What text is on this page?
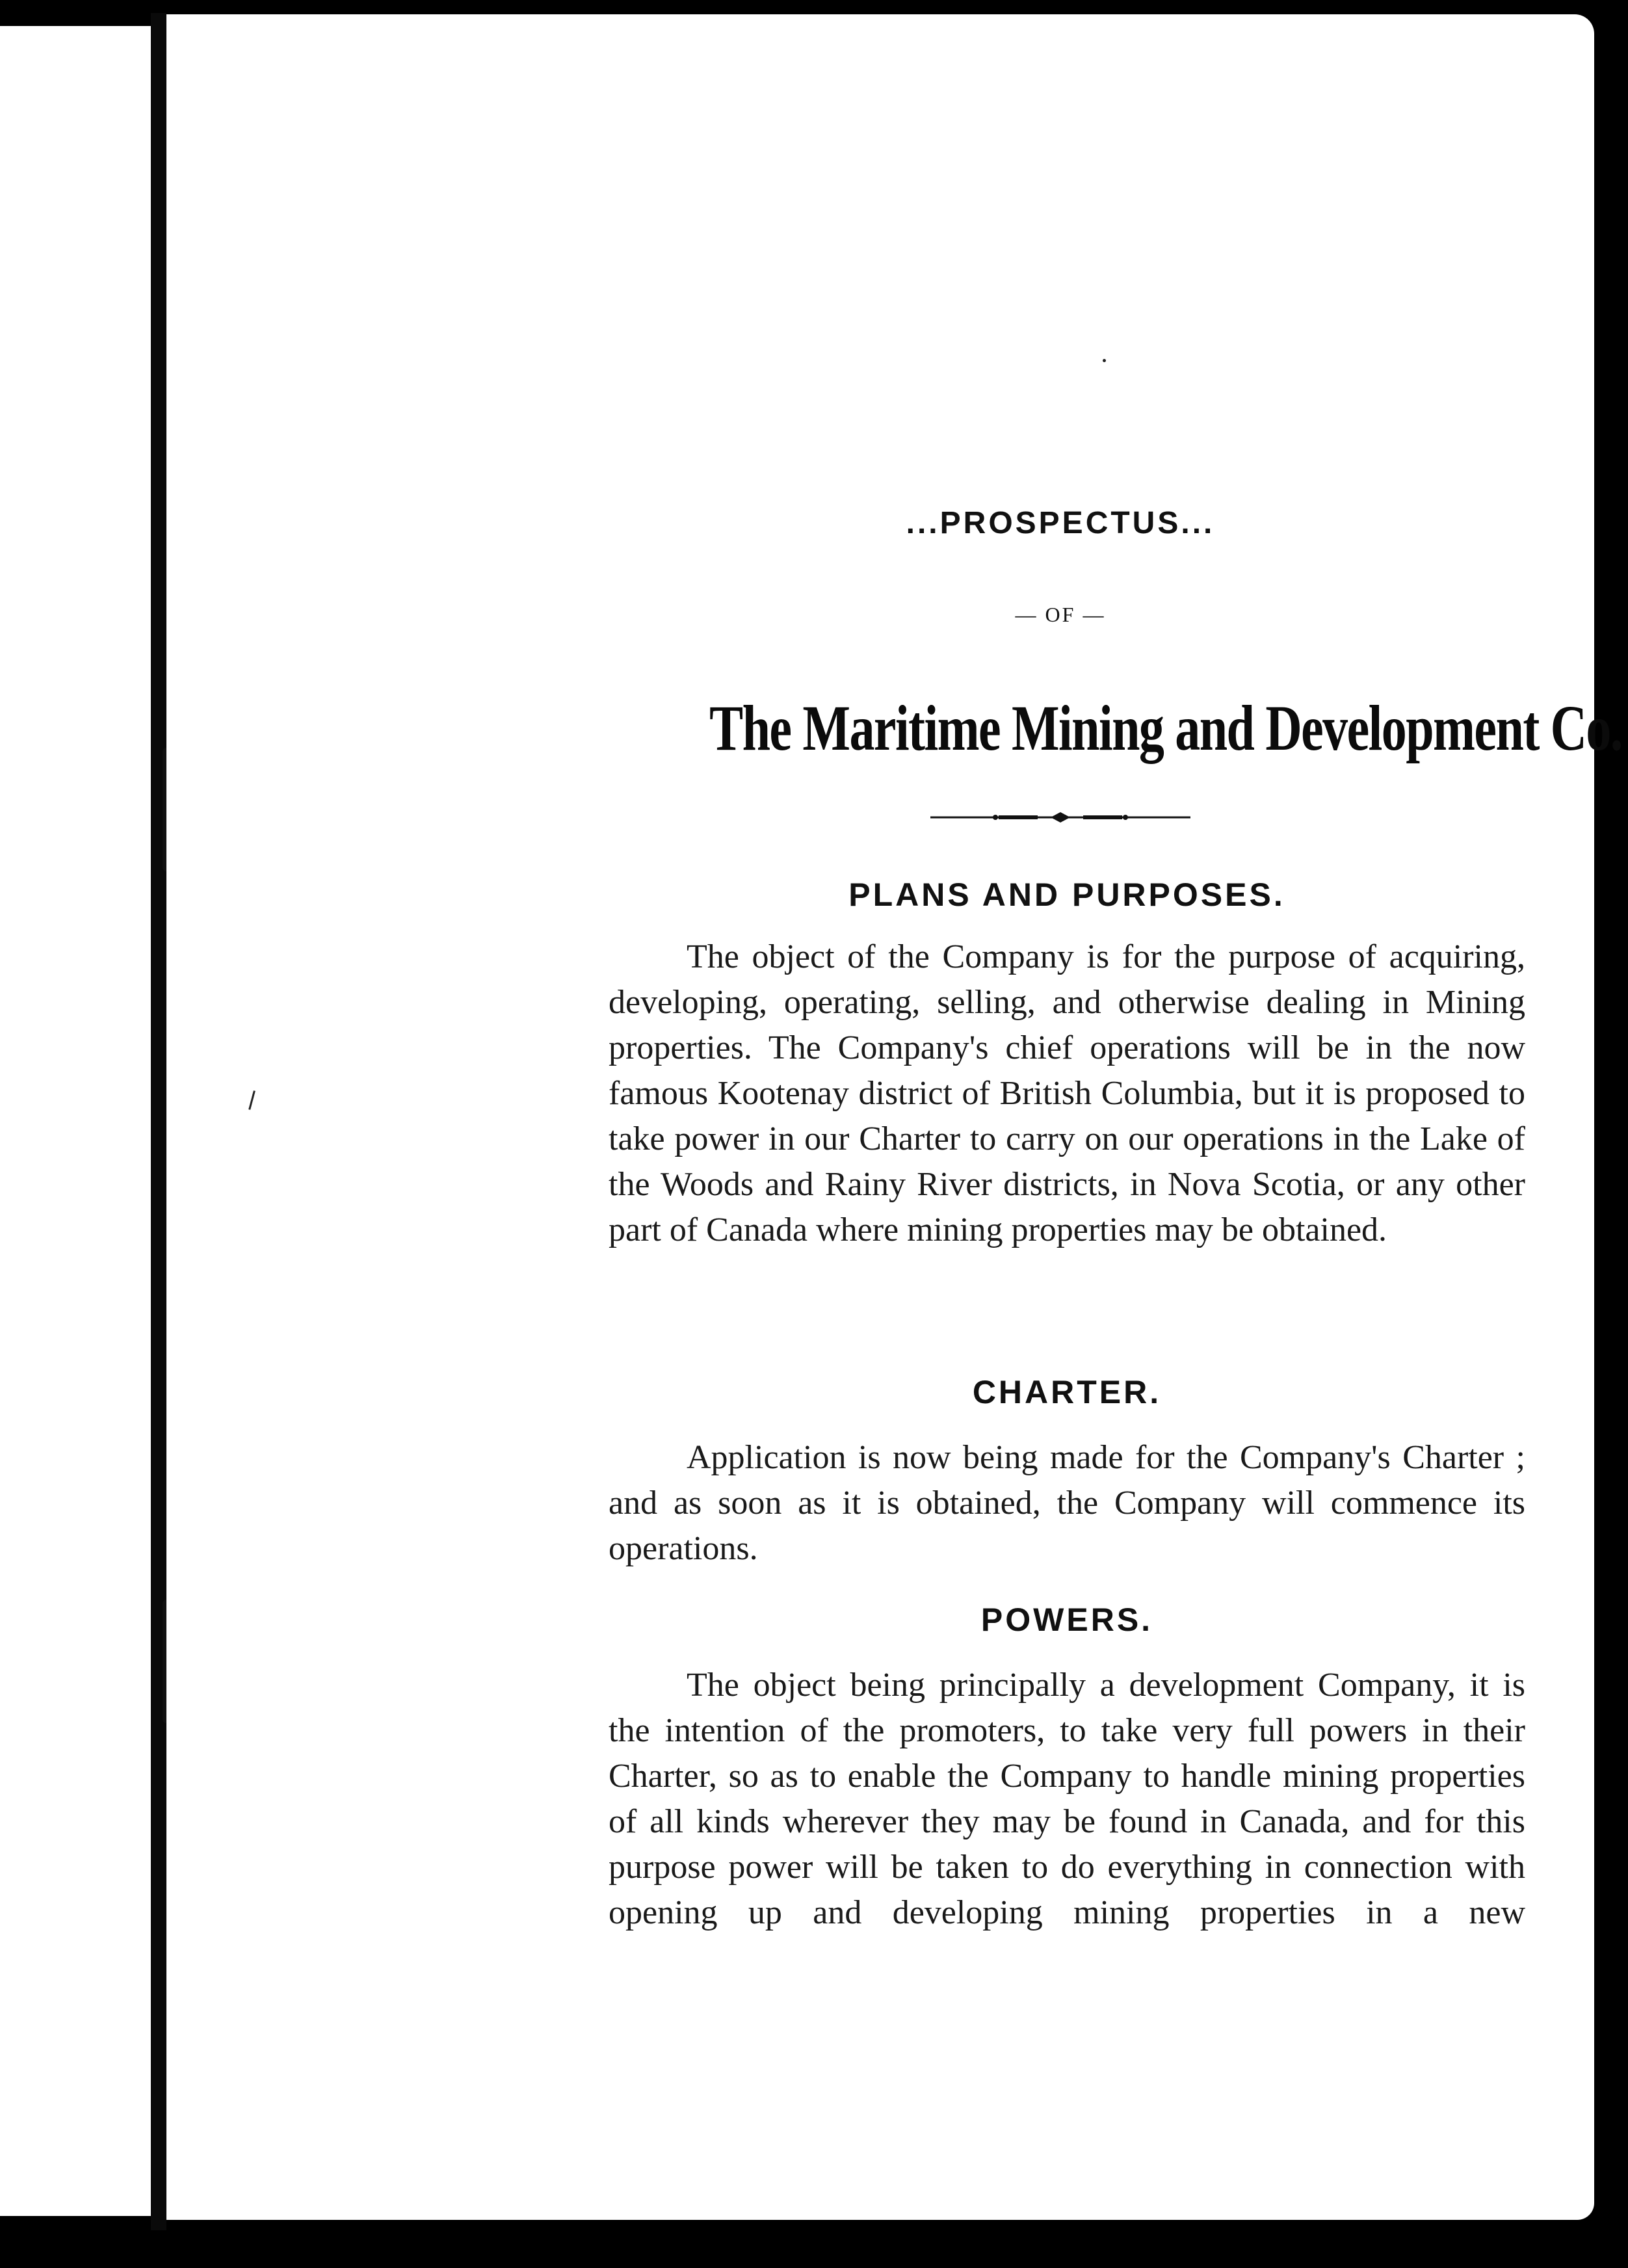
...PROSPECTUS...
— OF —
The Maritime Mining and Development Co.
PLANS AND PURPOSES.

The object of the Company is for the purpose of acquiring, developing, operating, selling, and otherwise dealing in Mining properties. The Company's chief operations will be in the now famous Kootenay district of British Columbia, but it is proposed to take power in our Charter to carry on our operations in the Lake of the Woods and Rainy River districts, in Nova Scotia, or any other part of Canada where mining properties may be obtained.

CHARTER.

Application is now being made for the Company's Charter ; and as soon as it is obtained, the Company will commence its operations.

POWERS.

The object being principally a development Company, it is the intention of the promoters, to take very full powers in their Charter, so as to enable the Company to handle mining properties of all kinds wherever they may be found in Canada, and for this purpose power will be taken to do everything in connection with opening up and developing mining properties in a new
